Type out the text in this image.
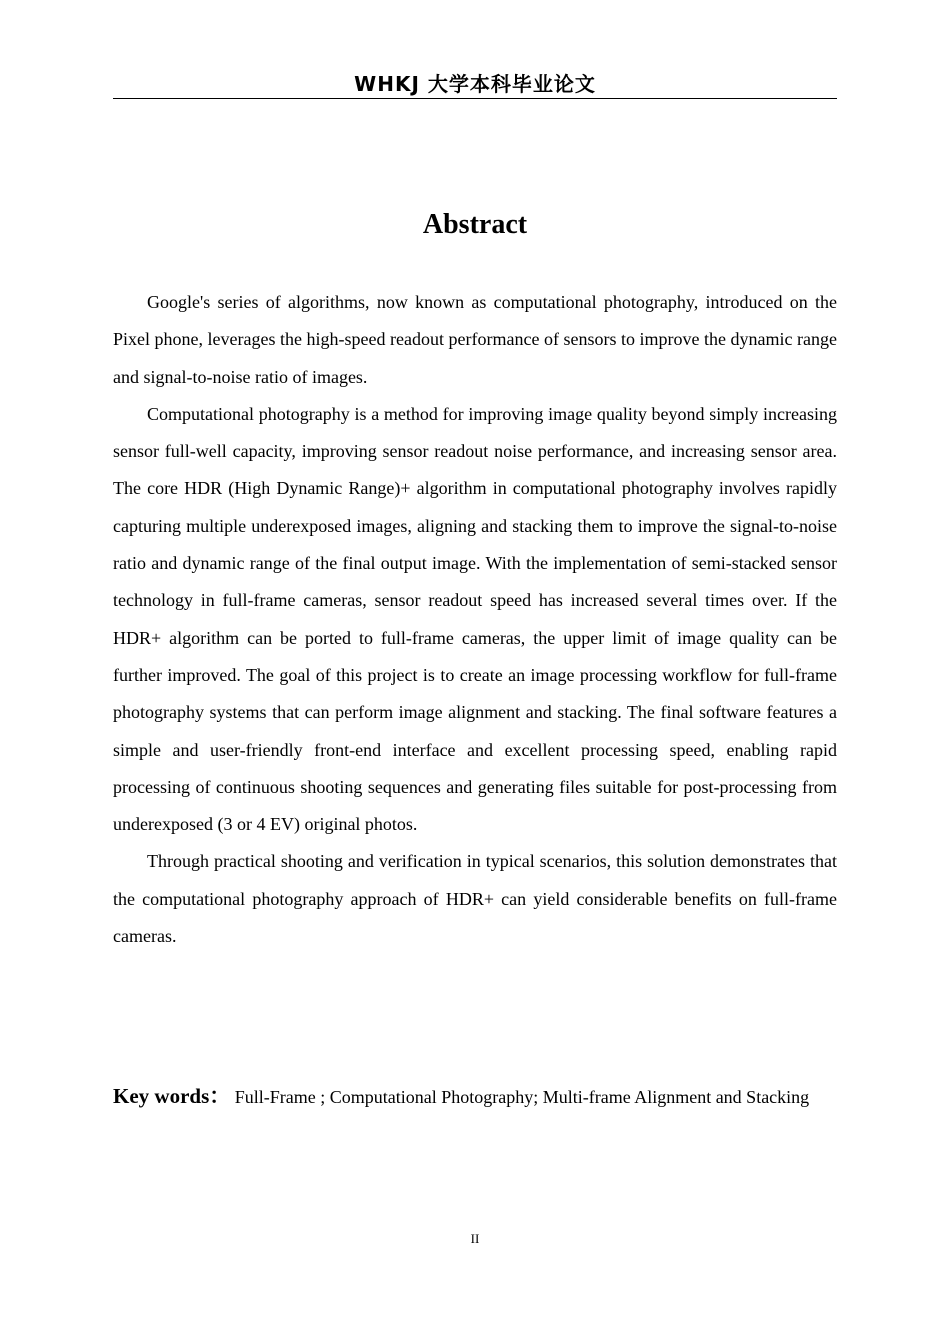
WHKJ 大学本科毕业论文
Abstract

Google's series of algorithms, now known as computational photography, introduced on the Pixel phone, leverages the high-speed readout performance of sensors to improve the dynamic range and signal-to-noise ratio of images.

Computational photography is a method for improving image quality beyond simply increasing sensor full-well capacity, improving sensor readout noise performance, and increasing sensor area. The core HDR (High Dynamic Range)+ algorithm in computational photography involves rapidly capturing multiple underexposed images, aligning and stacking them to improve the signal-to-noise ratio and dynamic range of the final output image. With the implementation of semi-stacked sensor technology in full-frame cameras, sensor readout speed has increased several times over. If the HDR+ algorithm can be ported to full-frame cameras, the upper limit of image quality can be further improved. The goal of this project is to create an image processing workflow for full-frame photography systems that can perform image alignment and stacking. The final software features a simple and user-friendly front-end interface and excellent processing speed, enabling rapid processing of continuous shooting sequences and generating files suitable for post-processing from underexposed (3 or 4 EV) original photos.

Through practical shooting and verification in typical scenarios, this solution demonstrates that the computational photography approach of HDR+ can yield considerable benefits on full-frame cameras.

Key words： Full-Frame ; Computational Photography; Multi-frame Alignment and Stacking
II
